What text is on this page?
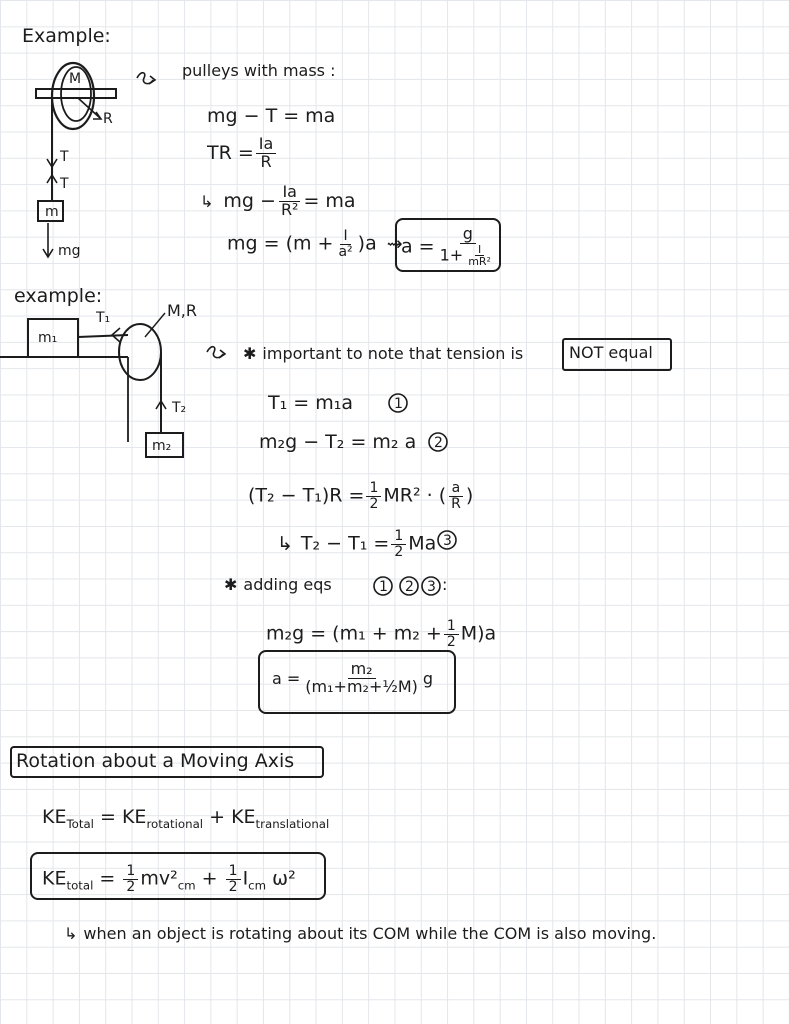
Example:
M
R
T
T
m
mg
pulleys with mass :
mg − T = ma
TR = $\frac{Ia}{R}$
↳ mg − $\frac{Ia}{\text{R²}}$ = ma
mg = $(m + \frac{I}{\text{a²}} )a$ ⇝
$a = \frac{g}{1+ \frac{I}{\text{mR²}}}$
example:
m₁
T₁	M,R
T₂
m₂
✱ important to note that tension is	NOT equal
T₁ = m₁a	1
m₂g − T₂ = m₂ a 2
$(T_2 - T_1)R = \frac{1}{2} MR^2$ · ( $\frac{a}{R}$ )
↳ $T_2 - T_1 = \frac{1}{2}$ Ma 3
✱ adding eqs	1 2 3 :
$m_2g = (m_1 + m_2 + \frac{1}{2} M)a$
$a = \frac{\text{m₂}}{\text{(m₁+m₂+½M)}}$ g
Rotation about a Moving Axis
$KE_{Total} = KE_{rotational} + KE_{translational}$
$KE_{total} = \frac{1}{2} mv^2_{cm} + \frac{1}{2} I_{cm}$ ω²
↳ when an object is rotating about its COM while the COM is also moving.
